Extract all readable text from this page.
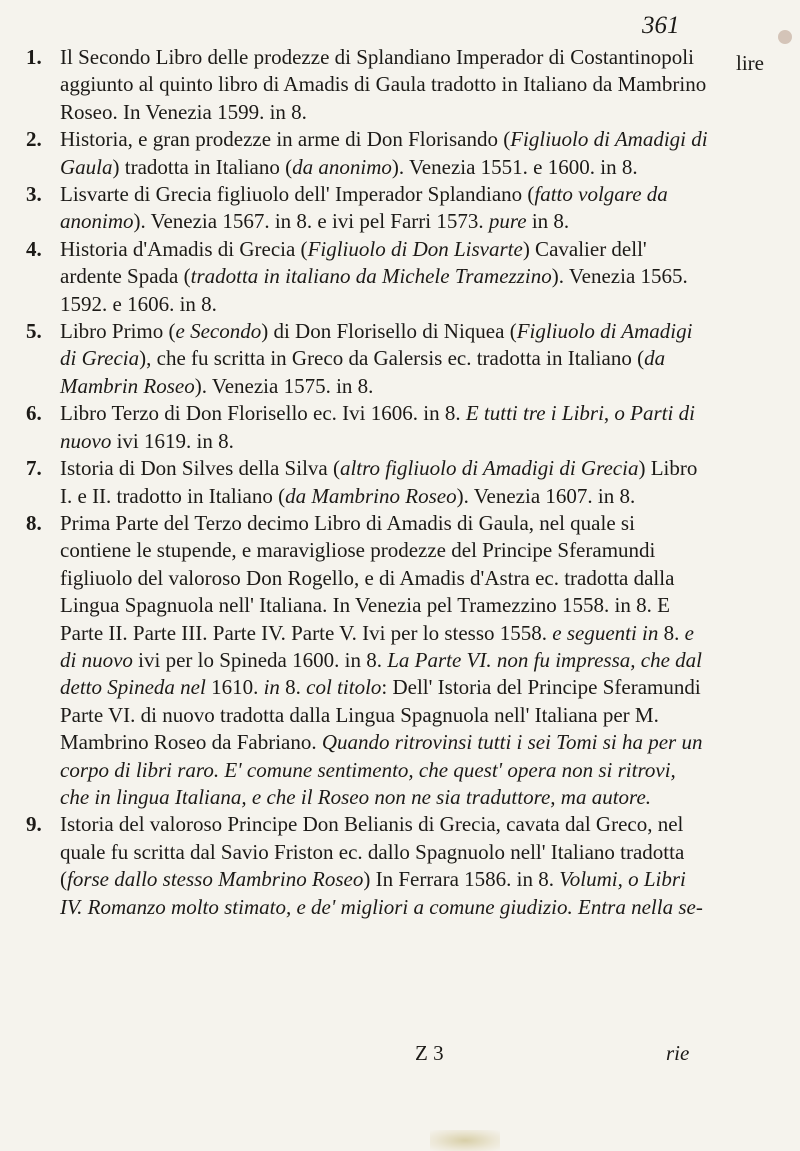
361
lire
1. Il Secondo Libro delle prodezze di Splandiano Imperador di Costantinopoli aggiunto al quinto libro di Amadis di Gaula tradotto in Italiano da Mambrino Roseo. In Venezia 1599. in 8.

2. Historia, e gran prodezze in arme di Don Florisando (Figliuolo di Amadigi di Gaula) tradotta in Italiano (da anonimo). Venezia 1551. e 1600. in 8.

3. Lisvarte di Grecia figliuolo dell' Imperador Splandiano (fatto volgare da anonimo). Venezia 1567. in 8. e ivi pel Farri 1573. pure in 8.

4. Historia d'Amadis di Grecia (Figliuolo di Don Lisvarte) Cavalier dell' ardente Spada (tradotta in italiano da Michele Tramezzino). Venezia 1565. 1592. e 1606. in 8.

5. Libro Primo (e Secondo) di Don Florisello di Niquea (Figliuolo di Amadigi di Grecia), che fu scritta in Greco da Galersis ec. tradotta in Italiano (da Mambrin Roseo). Venezia 1575. in 8.

6. Libro Terzo di Don Florisello ec. Ivi 1606. in 8. E tutti tre i Libri, o Parti di nuovo ivi 1619. in 8.

7. Istoria di Don Silves della Silva (altro figliuolo di Amadigi di Grecia) Libro I. e II. tradotto in Italiano (da Mambrino Roseo). Venezia 1607. in 8.

8. Prima Parte del Terzo decimo Libro di Amadis di Gaula, nel quale si contiene le stupende, e maravigliose prodezze del Principe Sferamundi figliuolo del valoroso Don Rogello, e di Amadis d'Astra ec. tradotta dalla Lingua Spagnuola nell' Italiana. In Venezia pel Tramezzino 1558. in 8. E Parte II. Parte III. Parte IV. Parte V. Ivi per lo stesso 1558. e seguenti in 8. e di nuovo ivi per lo Spineda 1600. in 8. La Parte VI. non fu impressa, che dal detto Spineda nel 1610. in 8. col titolo: Dell' Istoria del Principe Sferamundi Parte VI. di nuovo tradotta dalla Lingua Spagnuola nell' Italiana per M. Mambrino Roseo da Fabriano. Quando ritrovinsi tutti i sei Tomi si ha per un corpo di libri raro. E' comune sentimento, che quest' opera non si ritrovi, che in lingua Italiana, e che il Roseo non ne sia traduttore, ma autore.

9. Istoria del valoroso Principe Don Belianis di Grecia, cavata dal Greco, nel quale fu scritta dal Savio Friston ec. dallo Spagnuolo nell' Italiano tradotta (forse dallo stesso Mambrino Roseo) In Ferrara 1586. in 8. Volumi, o Libri IV. Romanzo molto stimato, e de' migliori a comune giudizio. Entra nella se-

Z 3	rie
